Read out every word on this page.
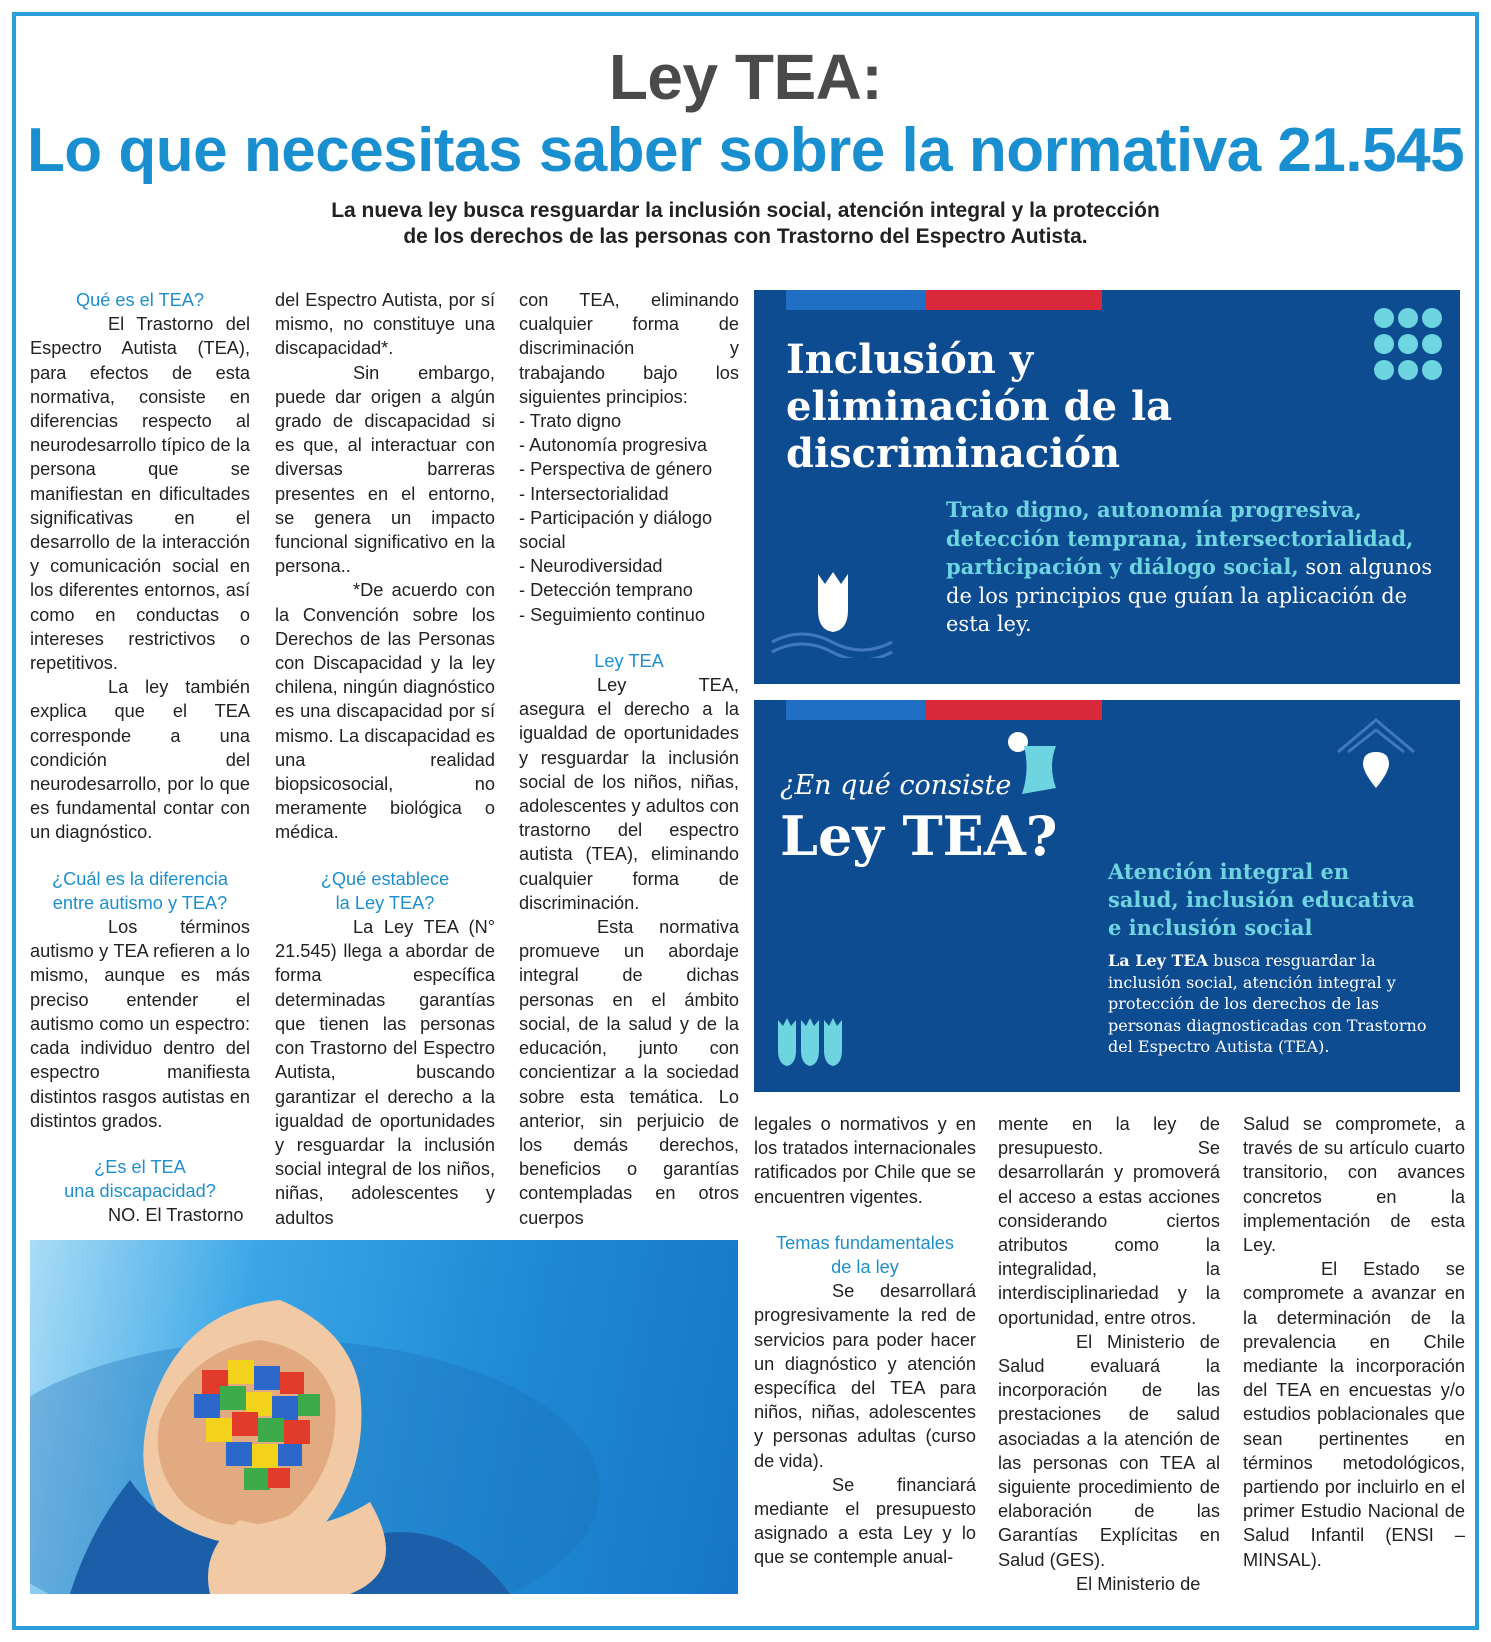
Ley TEA:
Lo que necesitas saber sobre la normativa 21.545
La nueva ley busca resguardar la inclusión social, atención integral y la protección
de los derechos de las personas con Trastorno del Espectro Autista.

Qué es el TEA?

El Trastorno del Espectro Autista (TEA), para efectos de esta normativa, consiste en diferencias respecto al neurodesarrollo típico de la persona que se manifiestan en dificultades significativas en el desarrollo de la interacción y comunicación social en los diferentes entornos, así como en conductas o intereses restrictivos o repetitivos.

La ley también explica que el TEA corresponde a una condición del neurodesarrollo, por lo que es fundamental contar con un diagnóstico.

¿Cuál es la diferencia
entre autismo y TEA?

Los términos autismo y TEA refieren a lo mismo, aunque es más preciso entender el autismo como un espectro: cada individuo dentro del espectro manifiesta distintos rasgos autistas en distintos grados.

¿Es el TEA
una discapacidad?

NO. El Trastorno

del Espectro Autista, por sí mismo, no constituye una discapacidad*.

Sin embargo, puede dar origen a algún grado de discapacidad si es que, al interactuar con diversas barreras presentes en el entorno, se genera un impacto funcional significativo en la persona..

*De acuerdo con la Convención sobre los Derechos de las Personas con Discapacidad y la ley chilena, ningún diagnóstico es una discapacidad por sí mismo. La discapacidad es una realidad biopsicosocial, no meramente biológica o médica.

¿Qué establece
la Ley TEA?

La Ley TEA (N° 21.545) llega a abordar de forma específica determinadas garantías que tienen las personas con Trastorno del Espectro Autista, buscando garantizar el derecho a la igualdad de oportunidades y resguardar la inclusión social integral de los niños, niñas, adolescentes y adultos

con TEA, eliminando cualquier forma de discriminación y trabajando bajo los siguientes principios:

- Trato digno
- Autonomía progresiva
- Perspectiva de género
- Intersectorialidad
- Participación y diálogo social
- Neurodiversidad
- Detección temprano
- Seguimiento continuo

Ley TEA

Ley TEA, asegura el derecho a la igualdad de oportunidades y resguardar la inclusión social de los niños, niñas, adolescentes y adultos con trastorno del espectro autista (TEA), eliminando cualquier forma de discriminación.

Esta normativa promueve un abordaje integral de dichas personas en el ámbito social, de la salud y de la educación, junto con concientizar a la sociedad sobre esta temática. Lo anterior, sin perjuicio de los demás derechos, beneficios o garantías contempladas en otros cuerpos

Inclusión y
eliminación de la
discriminación
Trato digno, autonomía progresiva, detección temprana, intersectorialidad, participación y diálogo social, son algunos de los principios que guían la aplicación de esta ley.
¿En qué consiste
Ley TEA?
Atención integral en
salud, inclusión educativa
e inclusión social
La Ley TEA busca resguardar la inclusión social, atención integral y protección de los derechos de las personas diagnosticadas con Trastorno del Espectro Autista (TEA).

legales o normativos y en los tratados internacionales ratificados por Chile que se encuentren vigentes.

Temas fundamentales
de la ley

Se desarrollará progresivamente la red de servicios para poder hacer un diagnóstico y atención específica del TEA para niños, niñas, adolescentes y personas adultas (curso de vida).

Se financiará mediante el presupuesto asignado a esta Ley y lo que se contemple anual-

mente en la ley de presupuesto. Se desarrollarán y promoverá el acceso a estas acciones considerando ciertos atributos como la integralidad, la interdisciplinariedad y la oportunidad, entre otros.

El Ministerio de Salud evaluará la incorporación de las prestaciones de salud asociadas a la atención de las personas con TEA al siguiente procedimiento de elaboración de las Garantías Explícitas en Salud (GES).

El Ministerio de

Salud se compromete, a través de su artículo cuarto transitorio, con avances concretos en la implementación de esta Ley.

El Estado se compromete a avanzar en la determinación de la prevalencia en Chile mediante la incorporación del TEA en encuestas y/o estudios poblacionales que sean pertinentes en términos metodológicos, partiendo por incluirlo en el primer Estudio Nacional de Salud Infantil (ENSI – MINSAL).
